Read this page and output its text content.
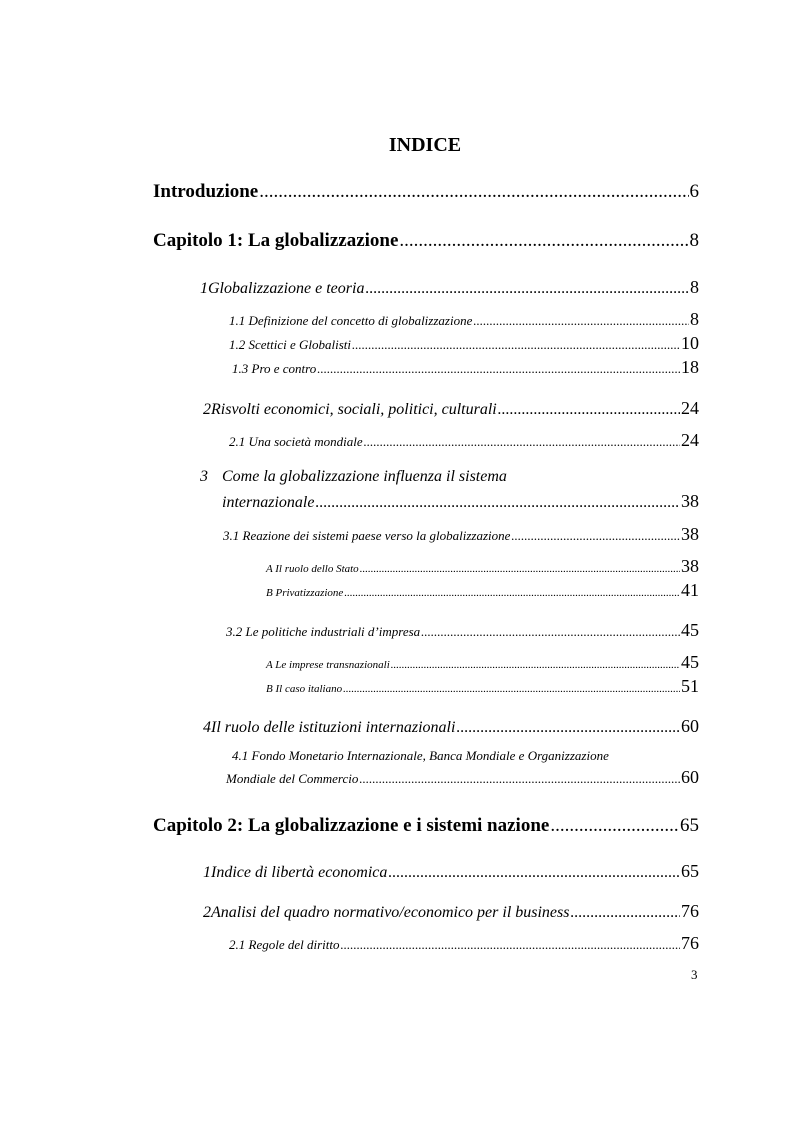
INDICE
Introduzione .....	6
Capitolo 1: La globalizzazione .....	8
1 Globalizzazione e teoria .....	8
1.1 Definizione del concetto di globalizzazione .....	8
1.2 Scettici e Globalisti .....	10
1.3 Pro e contro .....	18
2 Risvolti economici, sociali, politici, culturali .....	24
2.1 Una società mondiale .....	24
3 Come la globalizzazione influenza il sistema
internazionale .....	38
3.1 Reazione dei sistemi paese verso la globalizzazione .....	38
A Il ruolo dello Stato .....	38
B Privatizzazione .....	41
3.2 Le politiche industriali d’impresa .....	45
A Le imprese transnazionali .....	45
B Il caso italiano .....	51
4 Il ruolo delle istituzioni internazionali .....	60
4.1 Fondo Monetario Internazionale, Banca Mondiale e Organizzazione
Mondiale del Commercio .....	60
Capitolo 2: La globalizzazione e i sistemi nazione .....	65
1 Indice di libertà economica .....	65
2 Analisi del quadro normativo/economico per il business .....	76
2.1 Regole del diritto .....	76

3
